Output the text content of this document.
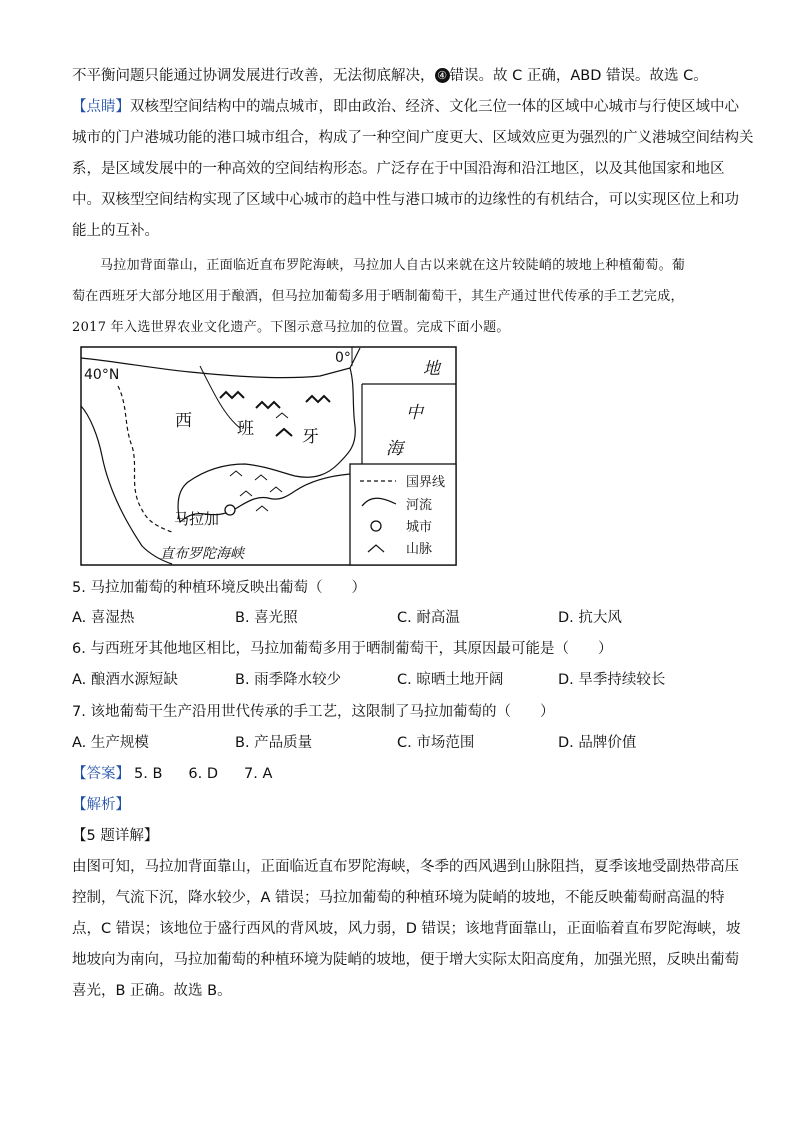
不平衡问题只能通过协调发展进行改善，无法彻底解决， ④ 错误。故 C 正确，ABD 错误。故选 C。
【点睛】双核型空间结构中的端点城市，即由政治、经济、文化三位一体的区域中心城市与行使区域中心
城市的门户港城功能的港口城市组合，构成了一种空间广度更大、区域效应更为强烈的广义港城空间结构关
系，是区域发展中的一种高效的空间结构形态。广泛存在于中国沿海和沿江地区，以及其他国家和地区
中。双核型空间结构实现了区域中心城市的趋中性与港口城市的边缘性的有机结合，可以实现区位上和功
能上的互补。
马拉加背面靠山，正面临近直布罗陀海峡，马拉加人自古以来就在这片较陡峭的坡地上种植葡萄。葡
萄在西班牙大部分地区用于酿酒，但马拉加葡萄多用于晒制葡萄干，其生产通过世代传承的手工艺完成，
2017 年入选世界农业文化遗产。下图示意马拉加的位置。完成下面小题。
40°N
0°
西	班	牙
地
中
海
马拉加
直布罗陀海峡
国界线
河流
城市
山脉
5. 马拉加葡萄的种植环境反映出葡萄（　　）
A. 喜湿热	B. 喜光照	C. 耐高温	D. 抗大风
6. 与西班牙其他地区相比，马拉加葡萄多用于晒制葡萄干，其原因最可能是（　　）
A. 酿酒水源短缺	B. 雨季降水较少	C. 晾晒土地开阔	D. 旱季持续较长
7. 该地葡萄干生产沿用世代传承的手工艺，这限制了马拉加葡萄的（　　）
A. 生产规模	B. 产品质量	C. 市场范围	D. 品牌价值
【答案】 5. B 6. D 7. A
【解析】
【5 题详解】
由图可知，马拉加背面靠山，正面临近直布罗陀海峡，冬季的西风遇到山脉阻挡，夏季该地受副热带高压
控制，气流下沉，降水较少，A 错误；马拉加葡萄的种植环境为陡峭的坡地，不能反映葡萄耐高温的特
点，C 错误；该地位于盛行西风的背风坡，风力弱，D 错误；该地背面靠山，正面临着直布罗陀海峡，坡
地坡向为南向，马拉加葡萄的种植环境为陡峭的坡地，便于增大实际太阳高度角，加强光照，反映出葡萄
喜光，B 正确。故选 B。
